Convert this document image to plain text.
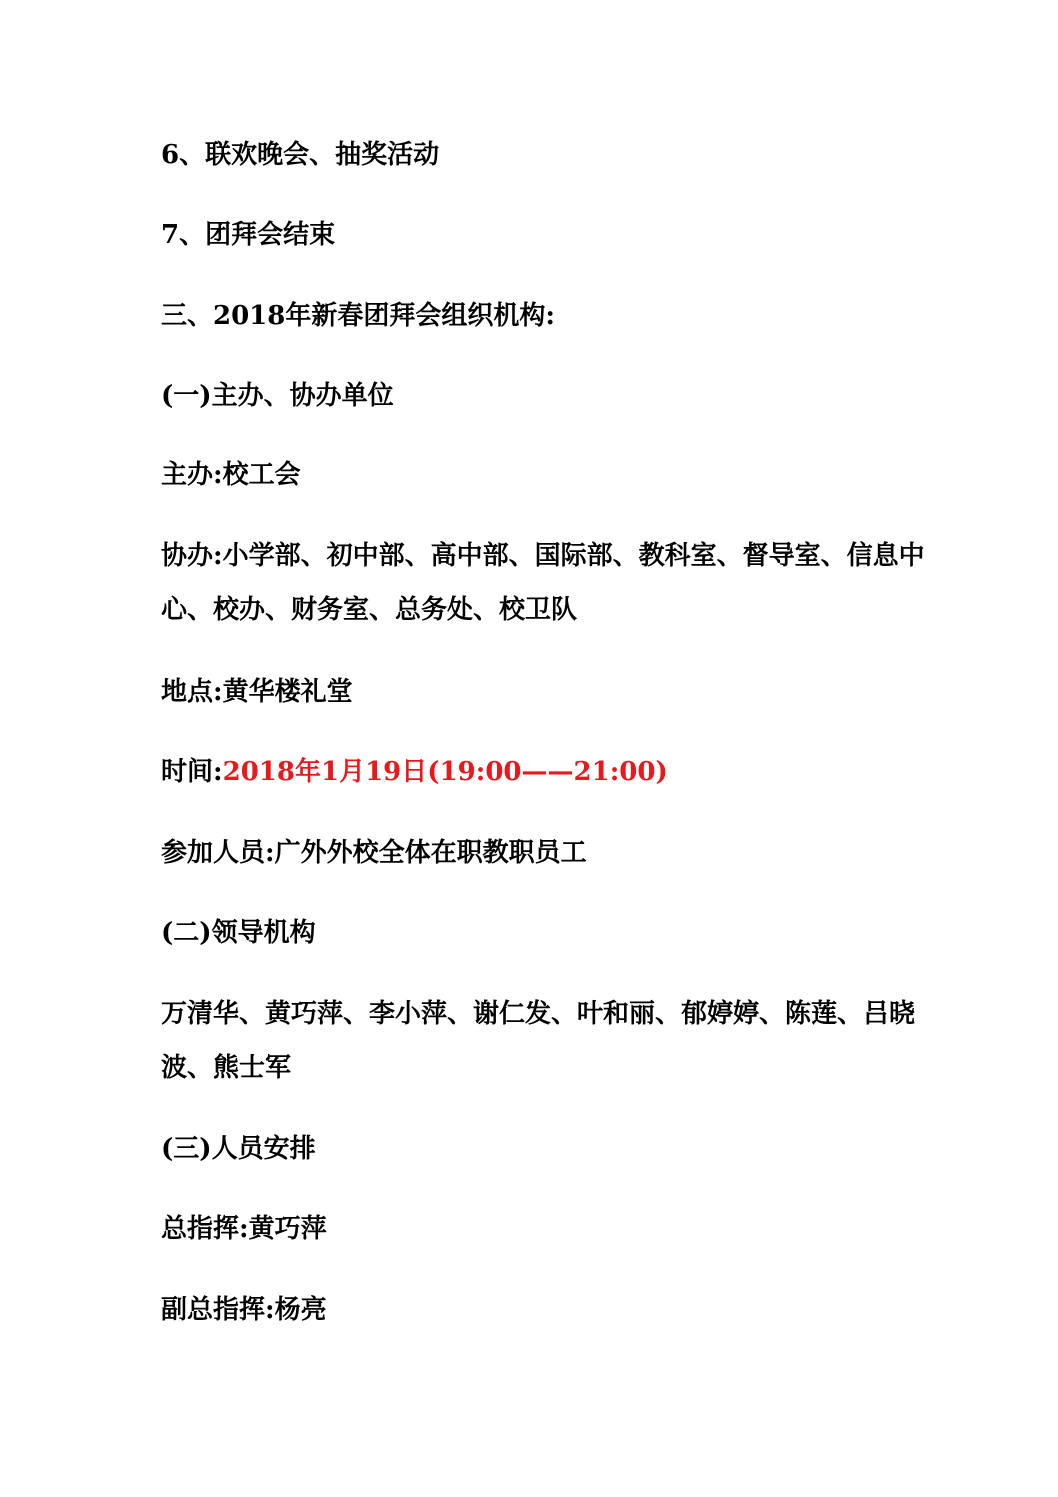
6、联欢晚会、抽奖活动
7、团拜会结束
三、2018年新春团拜会组织机构:
(一)主办、协办单位
主办:校工会
协办:小学部、初中部、高中部、国际部、教科室、督导室、信息中心、校办、财务室、总务处、校卫队
地点:黄华楼礼堂
时间:2018年1月19日(19:00——21:00)
参加人员:广外外校全体在职教职员工
(二)领导机构
万清华、黄巧萍、李小萍、谢仁发、叶和丽、郁婷婷、陈莲、吕晓波、熊士军
(三)人员安排
总指挥:黄巧萍
副总指挥:杨亮
